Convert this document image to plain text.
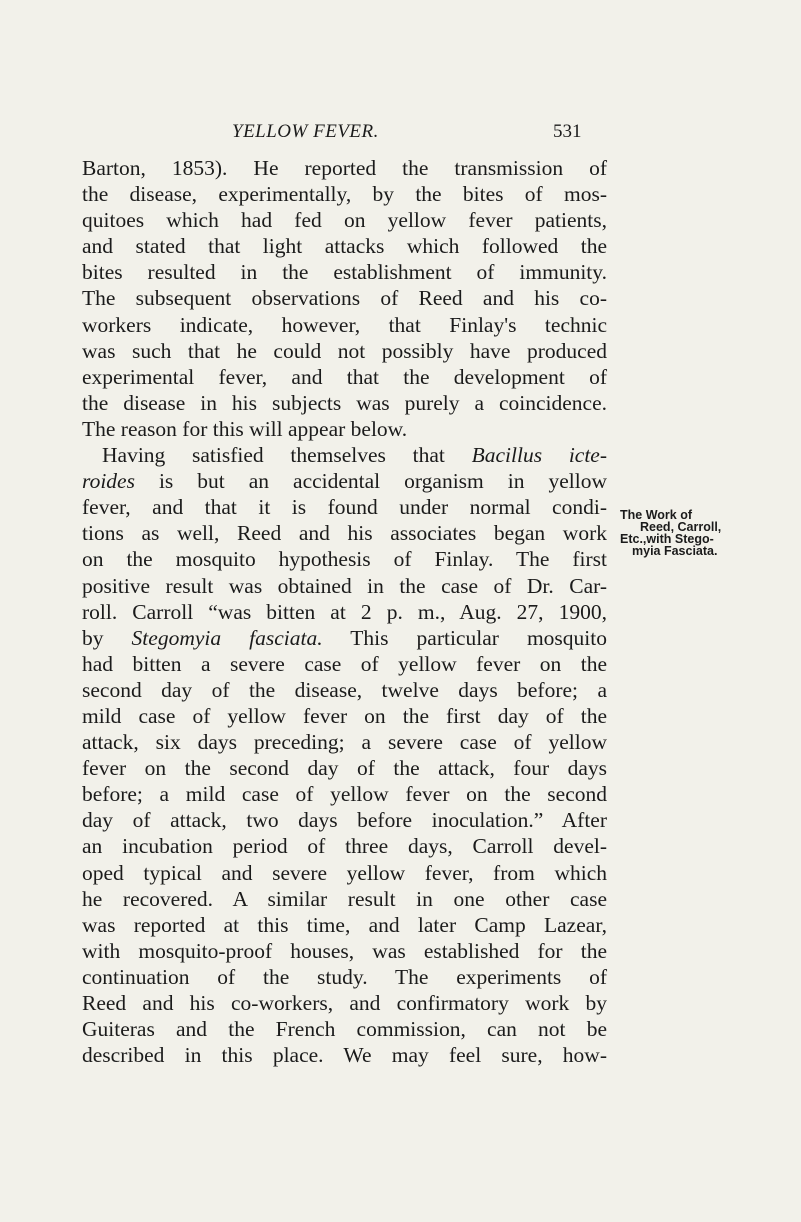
YELLOW FEVER.	531
Barton, 1853). He reported the transmission of
the disease, experimentally, by the bites of mos-
quitoes which had fed on yellow fever patients,
and stated that light attacks which followed the
bites resulted in the establishment of immunity.
The subsequent observations of Reed and his co-
workers indicate, however, that Finlay's technic
was such that he could not possibly have produced
experimental fever, and that the development of
the disease in his subjects was purely a coincidence.
The reason for this will appear below.
Having satisfied themselves that Bacillus icte-
roides is but an accidental organism in yellow
fever, and that it is found under normal condi-
tions as well, Reed and his associates began work
on the mosquito hypothesis of Finlay. The first
positive result was obtained in the case of Dr. Car-
roll. Carroll “was bitten at 2 p. m., Aug. 27, 1900,
by Stegomyia fasciata. This particular mosquito
had bitten a severe case of yellow fever on the
second day of the disease, twelve days before; a
mild case of yellow fever on the first day of the
attack, six days preceding; a severe case of yellow
fever on the second day of the attack, four days
before; a mild case of yellow fever on the second
day of attack, two days before inoculation.” After
an incubation period of three days, Carroll devel-
oped typical and severe yellow fever, from which
he recovered. A similar result in one other case
was reported at this time, and later Camp Lazear,
with mosquito-proof houses, was established for the
continuation of the study. The experiments of
Reed and his co-workers, and confirmatory work by
Guiteras and the French commission, can not be
described in this place. We may feel sure, how-
The Work of
Reed, Carroll,
Etc.,with Stego-
myia Fasciata.
